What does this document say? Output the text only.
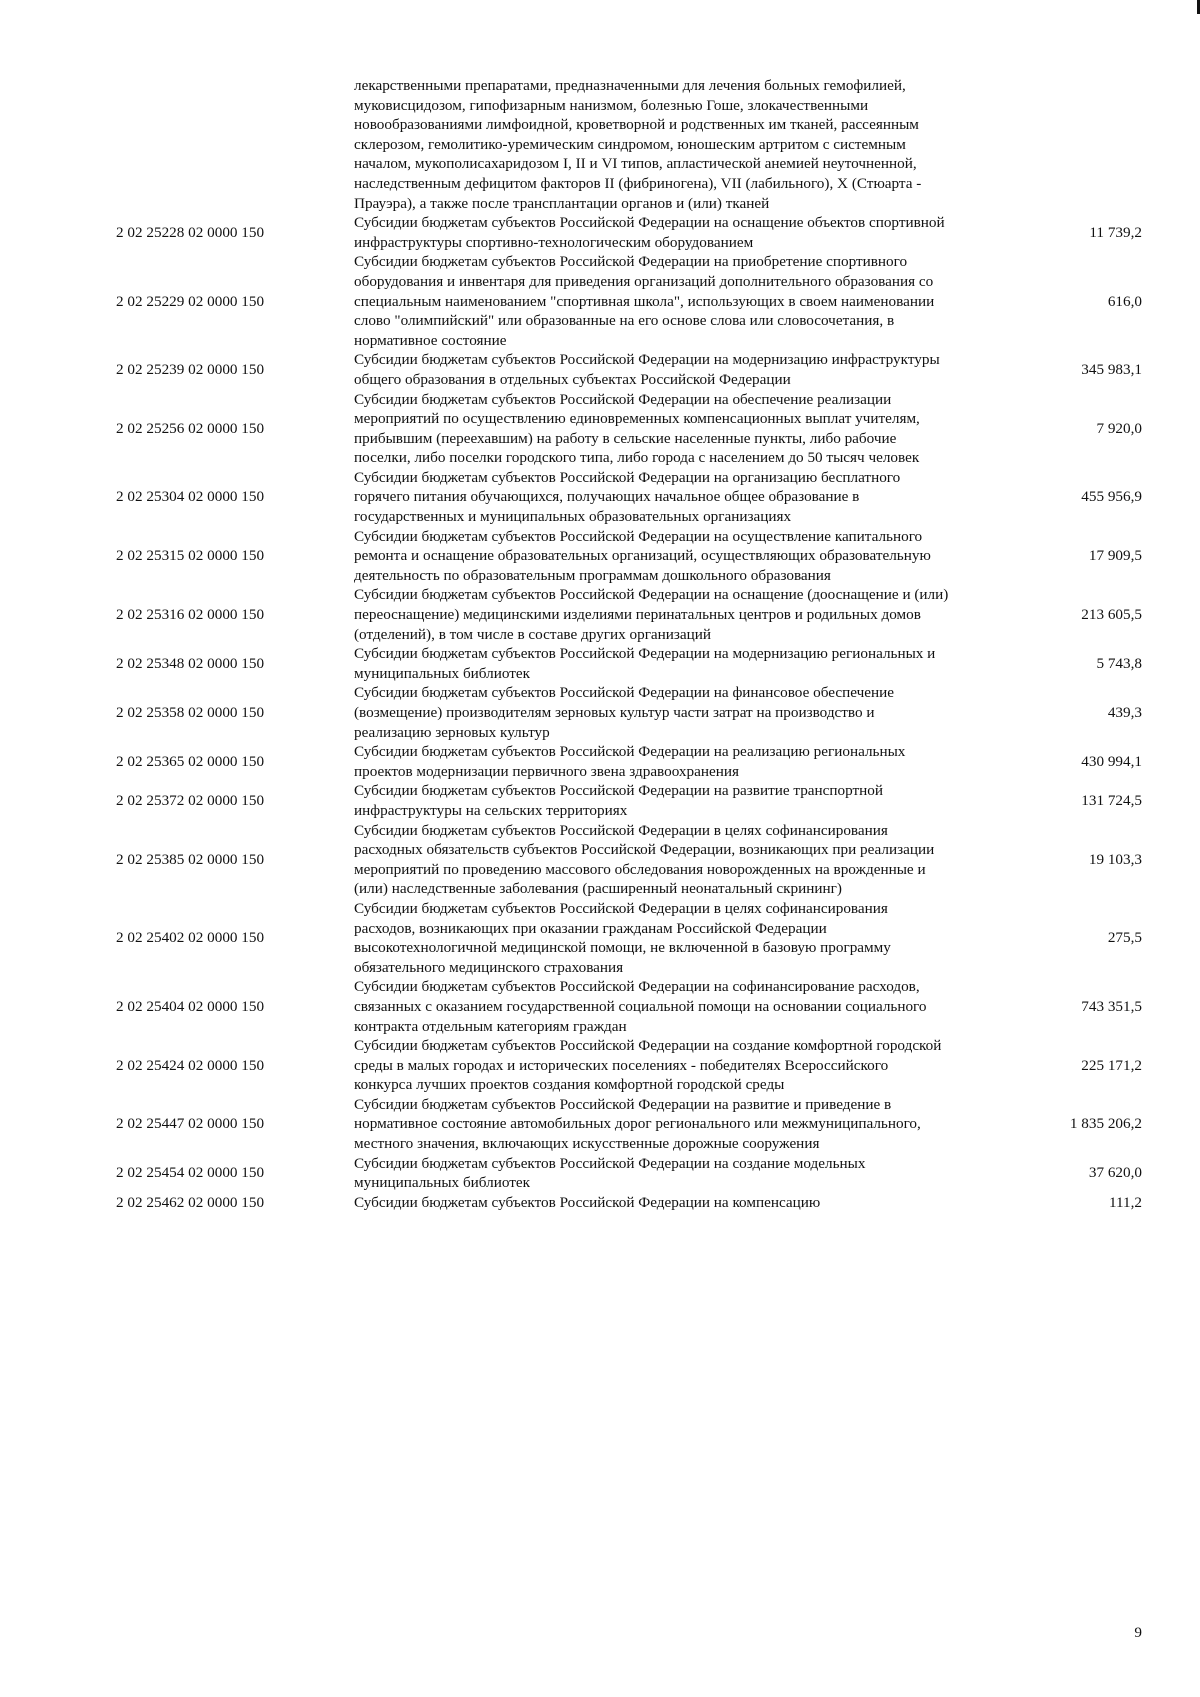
	лекарственными препаратами, предназначенными для лечения больных гемофилией, муковисцидозом, гипофизарным нанизмом, болезнью Гоше, злокачественными новообразованиями лимфоидной, кроветворной и родственных им тканей, рассеянным склерозом, гемолитико-уремическим синдромом, юношеским артритом с системным началом, мукополисахаридозом I, II и VI типов, апластической анемией неуточненной, наследственным дефицитом факторов II (фибриногена), VII (лабильного), X (Стюарта - Прауэра), а также после трансплантации органов и (или) тканей	
2 02 25228 02 0000 150	Субсидии бюджетам субъектов Российской Федерации на оснащение объектов спортивной инфраструктуры спортивно-технологическим оборудованием	11 739,2
2 02 25229 02 0000 150	Субсидии бюджетам субъектов Российской Федерации на приобретение спортивного оборудования и инвентаря для приведения организаций дополнительного образования со специальным наименованием "спортивная школа", использующих в своем наименовании слово "олимпийский" или образованные на его основе слова или словосочетания, в нормативное состояние	616,0
2 02 25239 02 0000 150	Субсидии бюджетам субъектов Российской Федерации на модернизацию инфраструктуры общего образования в отдельных субъектах Российской Федерации	345 983,1
2 02 25256 02 0000 150	Субсидии бюджетам субъектов Российской Федерации на обеспечение реализации мероприятий по осуществлению единовременных компенсационных выплат учителям, прибывшим (переехавшим) на работу в сельские населенные пункты, либо рабочие поселки, либо поселки городского типа, либо города с населением до 50 тысяч человек	7 920,0
2 02 25304 02 0000 150	Субсидии бюджетам субъектов Российской Федерации на организацию бесплатного горячего питания обучающихся, получающих начальное общее образование в государственных и муниципальных образовательных организациях	455 956,9
2 02 25315 02 0000 150	Субсидии бюджетам субъектов Российской Федерации на осуществление капитального ремонта и оснащение образовательных организаций, осуществляющих образовательную деятельность по образовательным программам дошкольного образования	17 909,5
2 02 25316 02 0000 150	Субсидии бюджетам субъектов Российской Федерации на оснащение (дооснащение и (или) переоснащение) медицинскими изделиями перинатальных центров и родильных домов (отделений), в том числе в составе других организаций	213 605,5
2 02 25348 02 0000 150	Субсидии бюджетам субъектов Российской Федерации на модернизацию региональных и муниципальных библиотек	5 743,8
2 02 25358 02 0000 150	Субсидии бюджетам субъектов Российской Федерации на финансовое обеспечение (возмещение) производителям зерновых культур части затрат на производство и реализацию зерновых культур	439,3
2 02 25365 02 0000 150	Субсидии бюджетам субъектов Российской Федерации на реализацию региональных проектов модернизации первичного звена здравоохранения	430 994,1
2 02 25372 02 0000 150	Субсидии бюджетам субъектов Российской Федерации на развитие транспортной инфраструктуры на сельских территориях	131 724,5
2 02 25385 02 0000 150	Субсидии бюджетам субъектов Российской Федерации в целях софинансирования расходных обязательств субъектов Российской Федерации, возникающих при реализации мероприятий по проведению массового обследования новорожденных на врожденные и (или) наследственные заболевания (расширенный неонатальный скрининг)	19 103,3
2 02 25402 02 0000 150	Субсидии бюджетам субъектов Российской Федерации в целях софинансирования расходов, возникающих при оказании гражданам Российской Федерации высокотехнологичной медицинской помощи, не включенной в базовую программу обязательного медицинского страхования	275,5
2 02 25404 02 0000 150	Субсидии бюджетам субъектов Российской Федерации на софинансирование расходов, связанных с оказанием государственной социальной помощи на основании социального контракта отдельным категориям граждан	743 351,5
2 02 25424 02 0000 150	Субсидии бюджетам субъектов Российской Федерации на создание комфортной городской среды в малых городах и исторических поселениях - победителях Всероссийского конкурса лучших проектов создания комфортной городской среды	225 171,2
2 02 25447 02 0000 150	Субсидии бюджетам субъектов Российской Федерации на развитие и приведение в нормативное состояние автомобильных дорог регионального или межмуниципального, местного значения, включающих искусственные дорожные сооружения	1 835 206,2
2 02 25454 02 0000 150	Субсидии бюджетам субъектов Российской Федерации на создание модельных муниципальных библиотек	37 620,0
2 02 25462 02 0000 150	Субсидии бюджетам субъектов Российской Федерации на компенсацию	111,2
9
